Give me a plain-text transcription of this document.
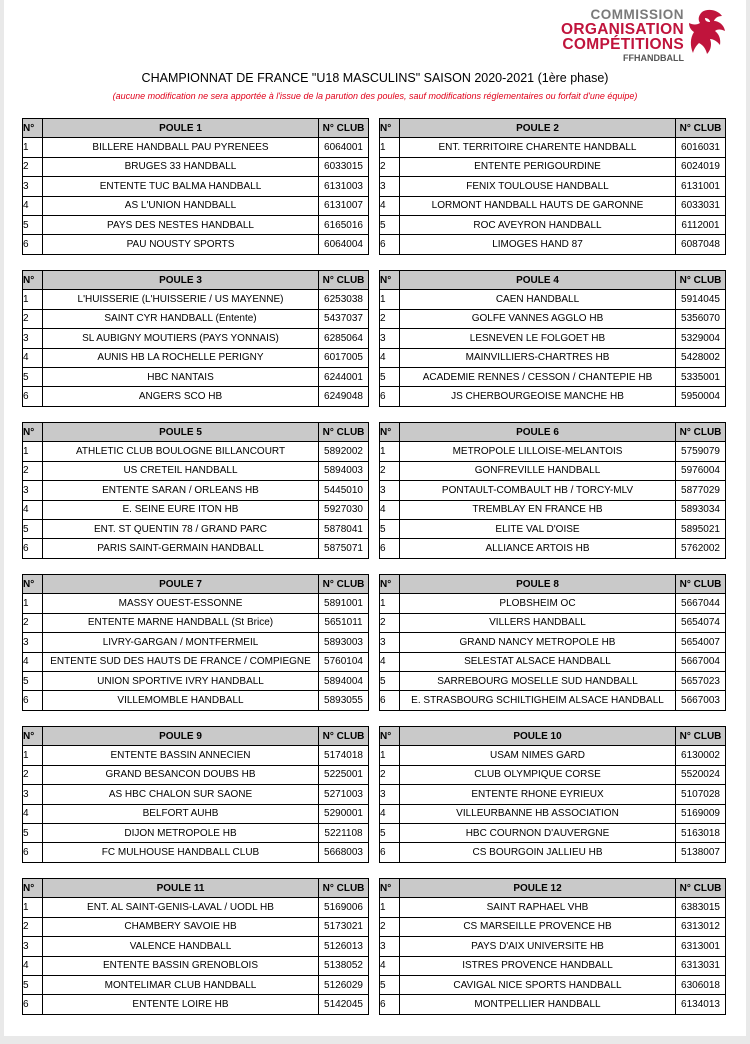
COMMISSION
ORGANISATION
COMPÉTITIONS
FFHANDBALL
CHAMPIONNAT DE FRANCE "U18 MASCULINS" SAISON 2020-2021 (1ère phase)
(aucune modification ne sera apportée à l'issue de la parution des poules, sauf modifications réglementaires ou forfait d'une équipe)
N°	POULE 1	N° CLUB
1	BILLERE HANDBALL PAU PYRENEES	6064001
2	BRUGES 33 HANDBALL	6033015
3	ENTENTE TUC BALMA HANDBALL	6131003
4	AS L'UNION HANDBALL	6131007
5	PAYS DES NESTES HANDBALL	6165016
6	PAU NOUSTY SPORTS	6064004
N°	POULE 2	N° CLUB
1	ENT. TERRITOIRE CHARENTE HANDBALL	6016031
2	ENTENTE PERIGOURDINE	6024019
3	FENIX TOULOUSE HANDBALL	6131001
4	LORMONT HANDBALL HAUTS DE GARONNE	6033031
5	ROC AVEYRON HANDBALL	6112001
6	LIMOGES HAND 87	6087048
N°	POULE 3	N° CLUB
1	L'HUISSERIE (L'HUISSERIE / US MAYENNE)	6253038
2	SAINT CYR HANDBALL (Entente)	5437037
3	SL AUBIGNY MOUTIERS (PAYS YONNAIS)	6285064
4	AUNIS HB LA ROCHELLE PERIGNY	6017005
5	HBC NANTAIS	6244001
6	ANGERS SCO HB	6249048
N°	POULE 4	N° CLUB
1	CAEN HANDBALL	5914045
2	GOLFE VANNES AGGLO HB	5356070
3	LESNEVEN LE FOLGOET HB	5329004
4	MAINVILLIERS-CHARTRES HB	5428002
5	ACADEMIE RENNES / CESSON / CHANTEPIE HB	5335001
6	JS CHERBOURGEOISE MANCHE HB	5950004
N°	POULE 5	N° CLUB
1	ATHLETIC CLUB BOULOGNE BILLANCOURT	5892002
2	US CRETEIL HANDBALL	5894003
3	ENTENTE SARAN / ORLEANS HB	5445010
4	E. SEINE EURE ITON HB	5927030
5	ENT. ST QUENTIN 78 / GRAND PARC	5878041
6	PARIS SAINT-GERMAIN HANDBALL	5875071
N°	POULE 6	N° CLUB
1	METROPOLE LILLOISE-MELANTOIS	5759079
2	GONFREVILLE HANDBALL	5976004
3	PONTAULT-COMBAULT HB / TORCY-MLV	5877029
4	TREMBLAY EN FRANCE HB	5893034
5	ELITE VAL D'OISE	5895021
6	ALLIANCE ARTOIS HB	5762002
N°	POULE 7	N° CLUB
1	MASSY OUEST-ESSONNE	5891001
2	ENTENTE MARNE HANDBALL (St Brice)	5651011
3	LIVRY-GARGAN / MONTFERMEIL	5893003
4	ENTENTE SUD DES HAUTS DE FRANCE / COMPIEGNE	5760104
5	UNION SPORTIVE IVRY HANDBALL	5894004
6	VILLEMOMBLE HANDBALL	5893055
N°	POULE 8	N° CLUB
1	PLOBSHEIM OC	5667044
2	VILLERS HANDBALL	5654074
3	GRAND NANCY METROPOLE HB	5654007
4	SELESTAT ALSACE HANDBALL	5667004
5	SARREBOURG MOSELLE SUD HANDBALL	5657023
6	E. STRASBOURG SCHILTIGHEIM ALSACE HANDBALL	5667003
N°	POULE 9	N° CLUB
1	ENTENTE BASSIN ANNECIEN	5174018
2	GRAND BESANCON DOUBS HB	5225001
3	AS HBC CHALON SUR SAONE	5271003
4	BELFORT AUHB	5290001
5	DIJON METROPOLE HB	5221108
6	FC MULHOUSE HANDBALL CLUB	5668003
N°	POULE 10	N° CLUB
1	USAM NIMES GARD	6130002
2	CLUB OLYMPIQUE CORSE	5520024
3	ENTENTE RHONE EYRIEUX	5107028
4	VILLEURBANNE HB ASSOCIATION	5169009
5	HBC COURNON D'AUVERGNE	5163018
6	CS BOURGOIN JALLIEU HB	5138007
N°	POULE 11	N° CLUB
1	ENT. AL SAINT-GENIS-LAVAL / UODL HB	5169006
2	CHAMBERY SAVOIE HB	5173021
3	VALENCE HANDBALL	5126013
4	ENTENTE BASSIN GRENOBLOIS	5138052
5	MONTELIMAR CLUB HANDBALL	5126029
6	ENTENTE LOIRE HB	5142045
N°	POULE 12	N° CLUB
1	SAINT RAPHAEL VHB	6383015
2	CS MARSEILLE PROVENCE HB	6313012
3	PAYS D'AIX UNIVERSITE HB	6313001
4	ISTRES PROVENCE HANDBALL	6313031
5	CAVIGAL NICE SPORTS HANDBALL	6306018
6	MONTPELLIER HANDBALL	6134013
